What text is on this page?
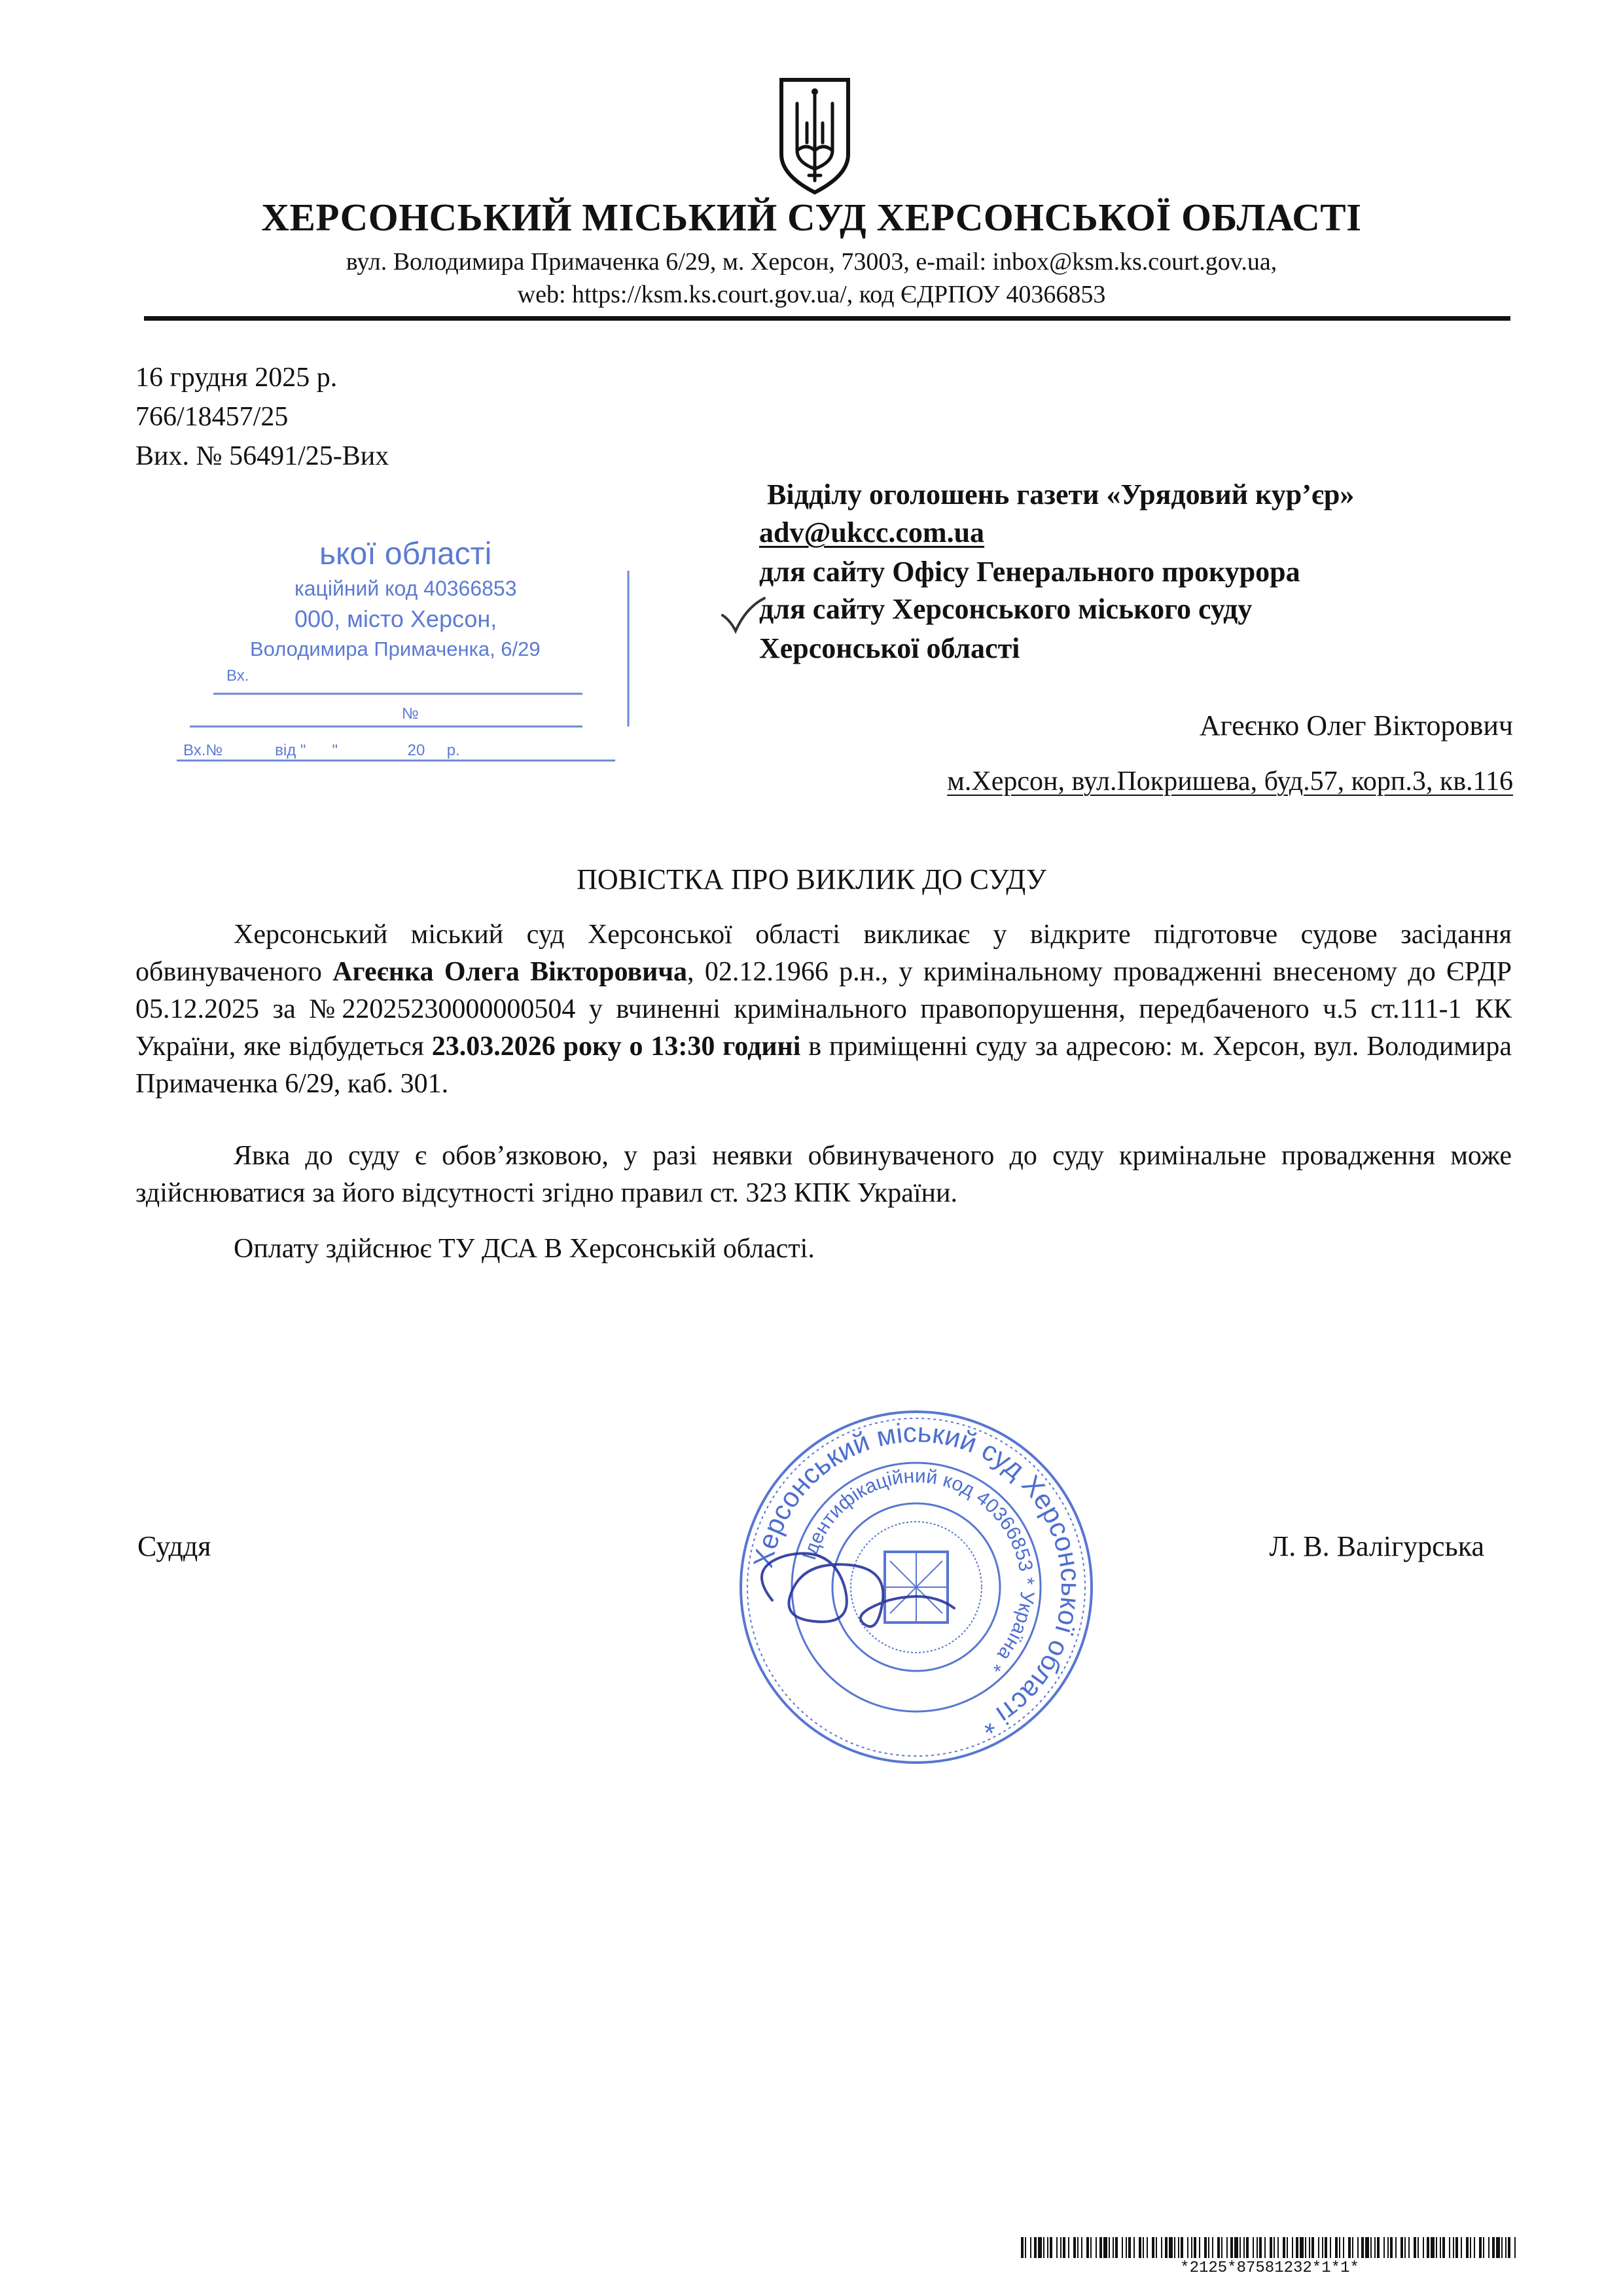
ХЕРСОНСЬКИЙ МІСЬКИЙ СУД ХЕРСОНСЬКОЇ ОБЛАСТІ
вул. Володимира Примаченка 6/29, м. Херсон, 73003, e-mail: inbox@ksm.ks.court.gov.ua,
web: https://ksm.ks.court.gov.ua/, код ЄДРПОУ 40366853
16 грудня 2025 р.
766/18457/25
Вих. № 56491/25-Вих
ької області
кацiйний код 40366853
000, мiсто Херсон,
Володимира Примаченка, 6/29
Вх.
№
Вх.№            від "      "                20     р.
Відділу оголошень газети «Урядовий кур’єр»
adv@ukcc.com.ua
для сайту Офісу Генерального прокурора
для сайту Херсонського міського суду
Херсонської області
Агеєнко Олег Вікторович
м.Херсон, вул.Покришева, буд.57, корп.3, кв.116
ПОВІСТКА ПРО ВИКЛИК ДО СУДУ
Херсонський міський суд Херсонської області викликає у відкрите підготовче судове засідання обвинуваченого Агеєнка Олега Вікторовича, 02.12.1966 р.н., у кримінальному провадженні внесеному до ЄРДР 05.12.2025 за №22025230000000504 у вчиненні кримінального правопорушення, передбаченого ч.5 ст.111-1 КК України, яке відбудеться 23.03.2026 року о 13:30 годині в приміщенні суду за адресою: м. Херсон, вул. Володимира Примаченка 6/29, каб. 301.
Явка до суду є обов’язковою, у разі неявки обвинуваченого до суду кримінальне провадження може здійснюватися за його відсутності згідно правил ст. 323 КПК України.
Оплату здійснює ТУ ДСА В Херсонській області.
Суддя	Л. В. Валігурська
Херсонський міський суд Херсонської області *
Ідентифікаційний код 40366853 * Україна *
*2125*87581232*1*1*
